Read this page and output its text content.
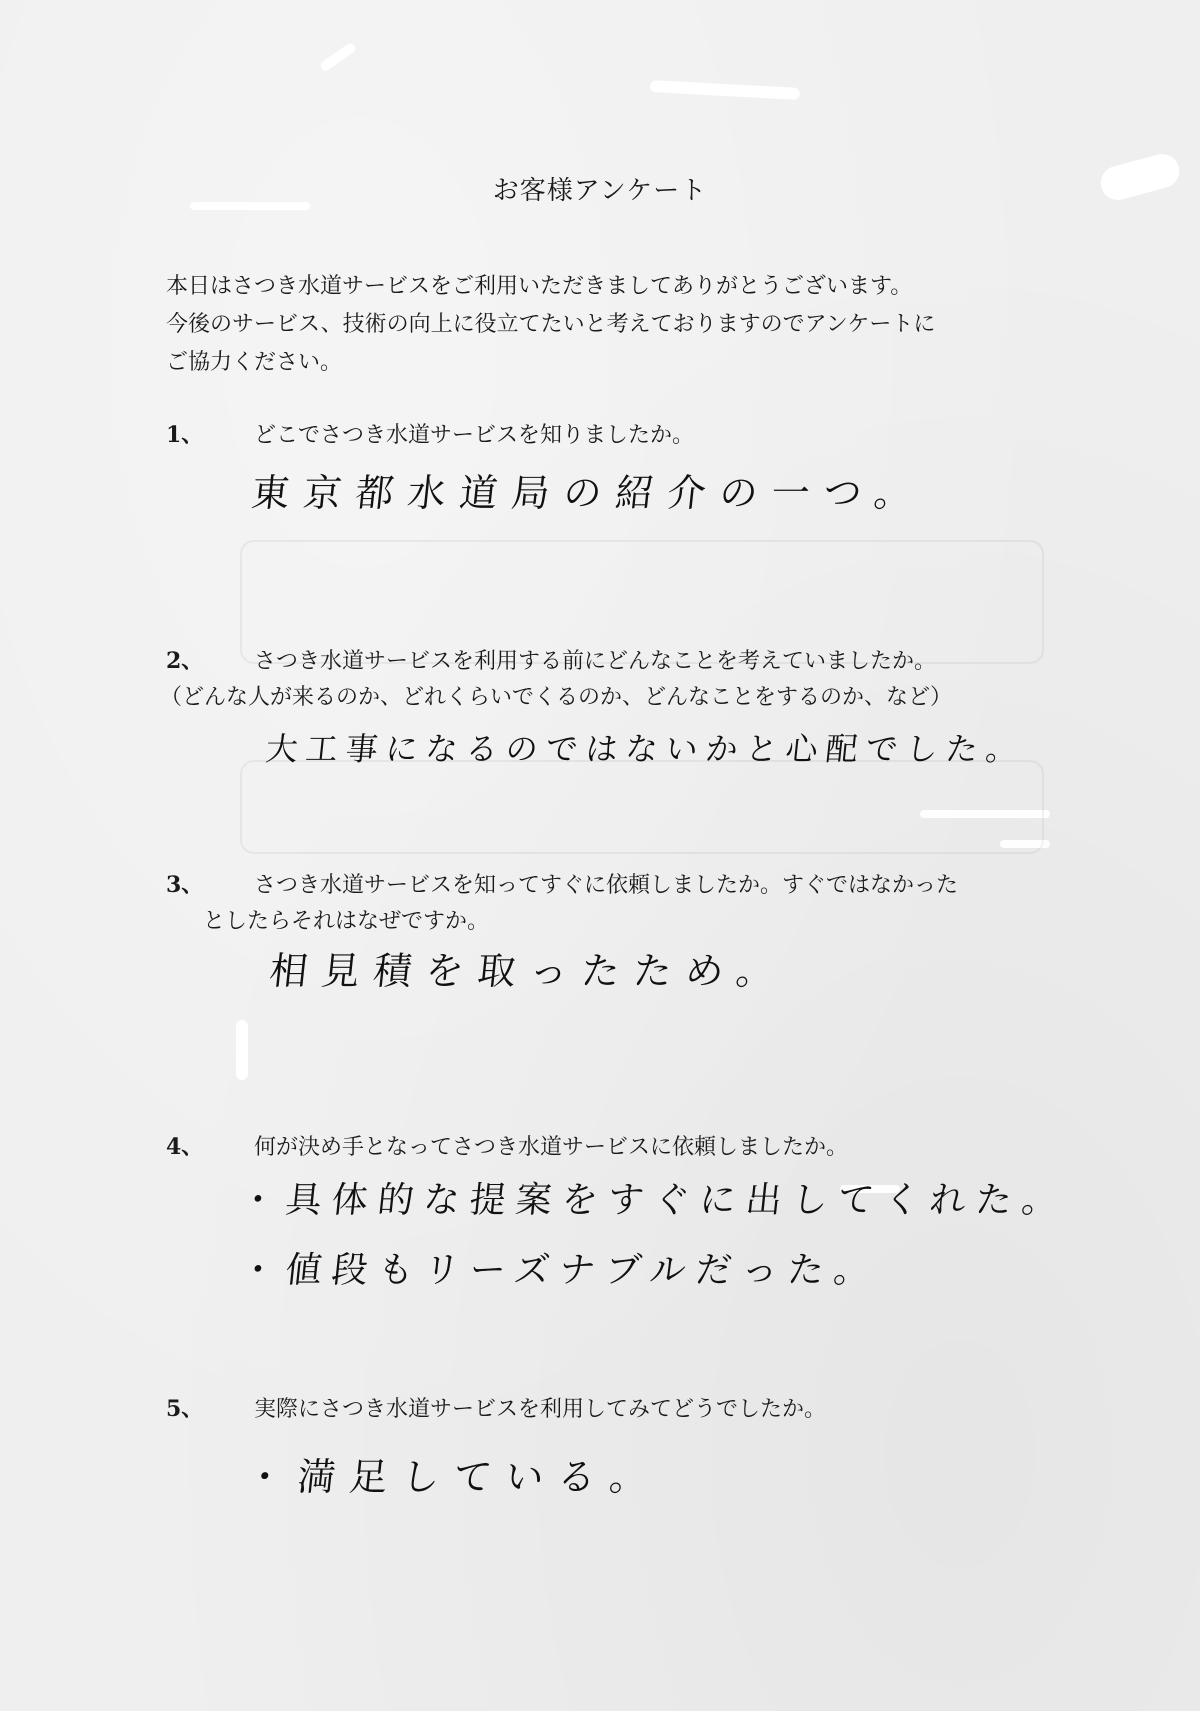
お客様アンケート
本日はさつき水道サービスをご利用いただきましてありがとうございます。
今後のサービス、技術の向上に役立てたいと考えておりますのでアンケートに
ご協力ください。
1、 どこでさつき水道サービスを知りましたか。
東京都水道局の紹介の一つ。
2、 さつき水道サービスを利用する前にどんなことを考えていましたか。
（どんな人が来るのか、どれくらいでくるのか、どんなことをするのか、など）
大工事になるのではないかと心配でした。
3、 さつき水道サービスを知ってすぐに依頼しましたか。すぐではなかった
としたらそれはなぜですか。
相見積を取ったため。
4、 何が決め手となってさつき水道サービスに依頼しましたか。
・具体的な提案をすぐに出してくれた。
・値段もリーズナブルだった。
5、 実際にさつき水道サービスを利用してみてどうでしたか。
・満足している。
